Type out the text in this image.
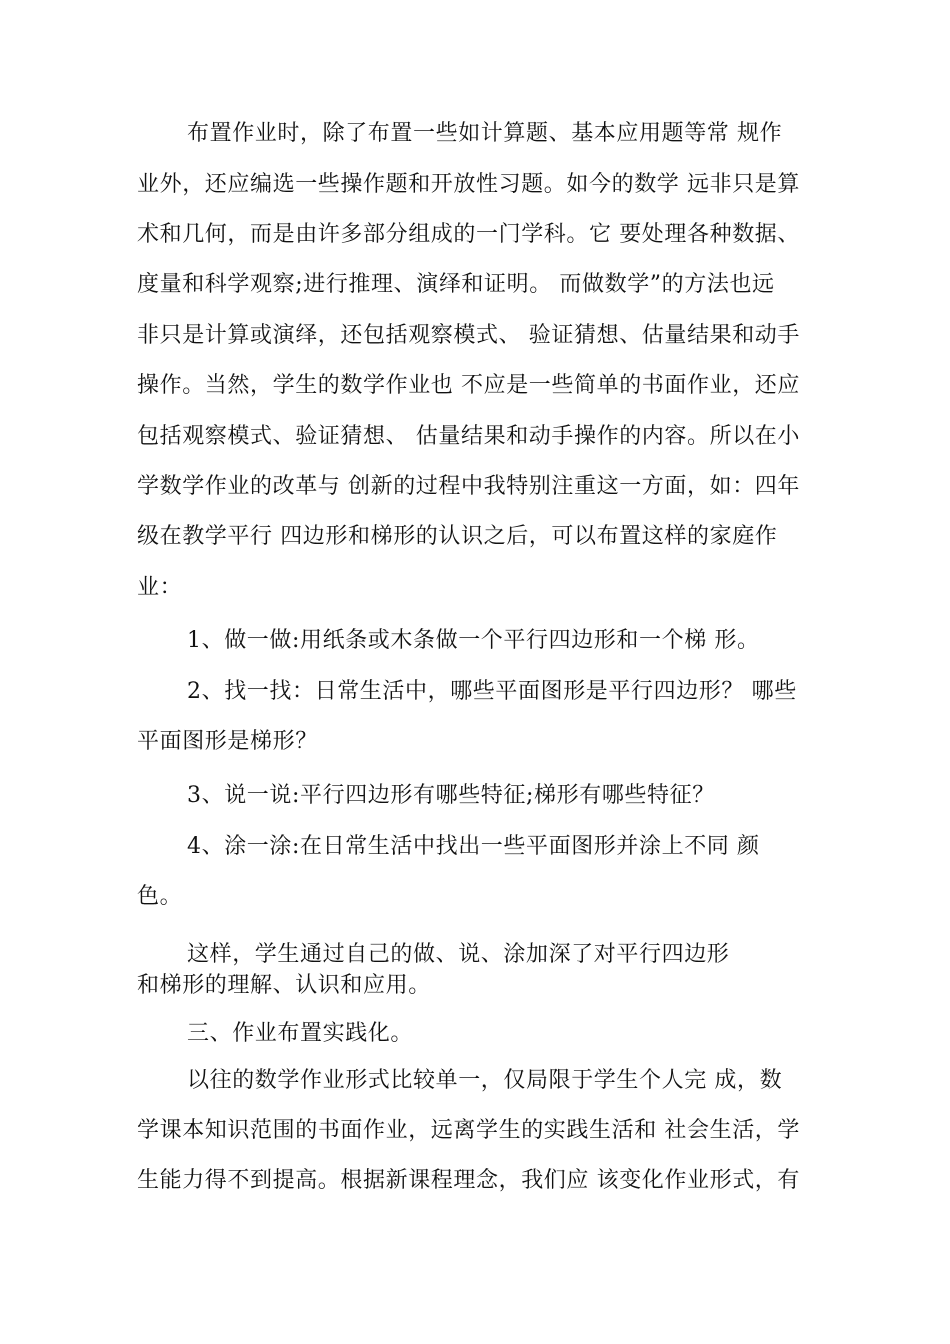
布置作业时，除了布置一些如计算题、基本应用题等常 规作
业外，还应编选一些操作题和开放性习题。如今的数学 远非只是算
术和几何，而是由许多部分组成的一门学科。它 要处理各种数据、
度量和科学观察;进行推理、演绎和证明。 而做数学”的方法也远
非只是计算或演绎，还包括观察模式、 验证猜想、估量结果和动手
操作。当然，学生的数学作业也 不应是一些简单的书面作业，还应
包括观察模式、验证猜想、 估量结果和动手操作的内容。所以在小
学数学作业的改革与 创新的过程中我特别注重这一方面，如：四年
级在教学平行 四边形和梯形的认识之后，可以布置这样的家庭作
业：
1、做一做:用纸条或木条做一个平行四边形和一个梯 形。
2、找一找：日常生活中，哪些平面图形是平行四边形？ 哪些
平面图形是梯形？
3、说一说:平行四边形有哪些特征;梯形有哪些特征？
4、涂一涂:在日常生活中找出一些平面图形并涂上不同 颜
色。
这样，学生通过自己的做、说、涂加深了对平行四边形
和梯形的理解、认识和应用。
三、作业布置实践化。
以往的数学作业形式比较单一，仅局限于学生个人完 成，数
学课本知识范围的书面作业，远离学生的实践生活和 社会生活，学
生能力得不到提高。根据新课程理念，我们应 该变化作业形式，有
